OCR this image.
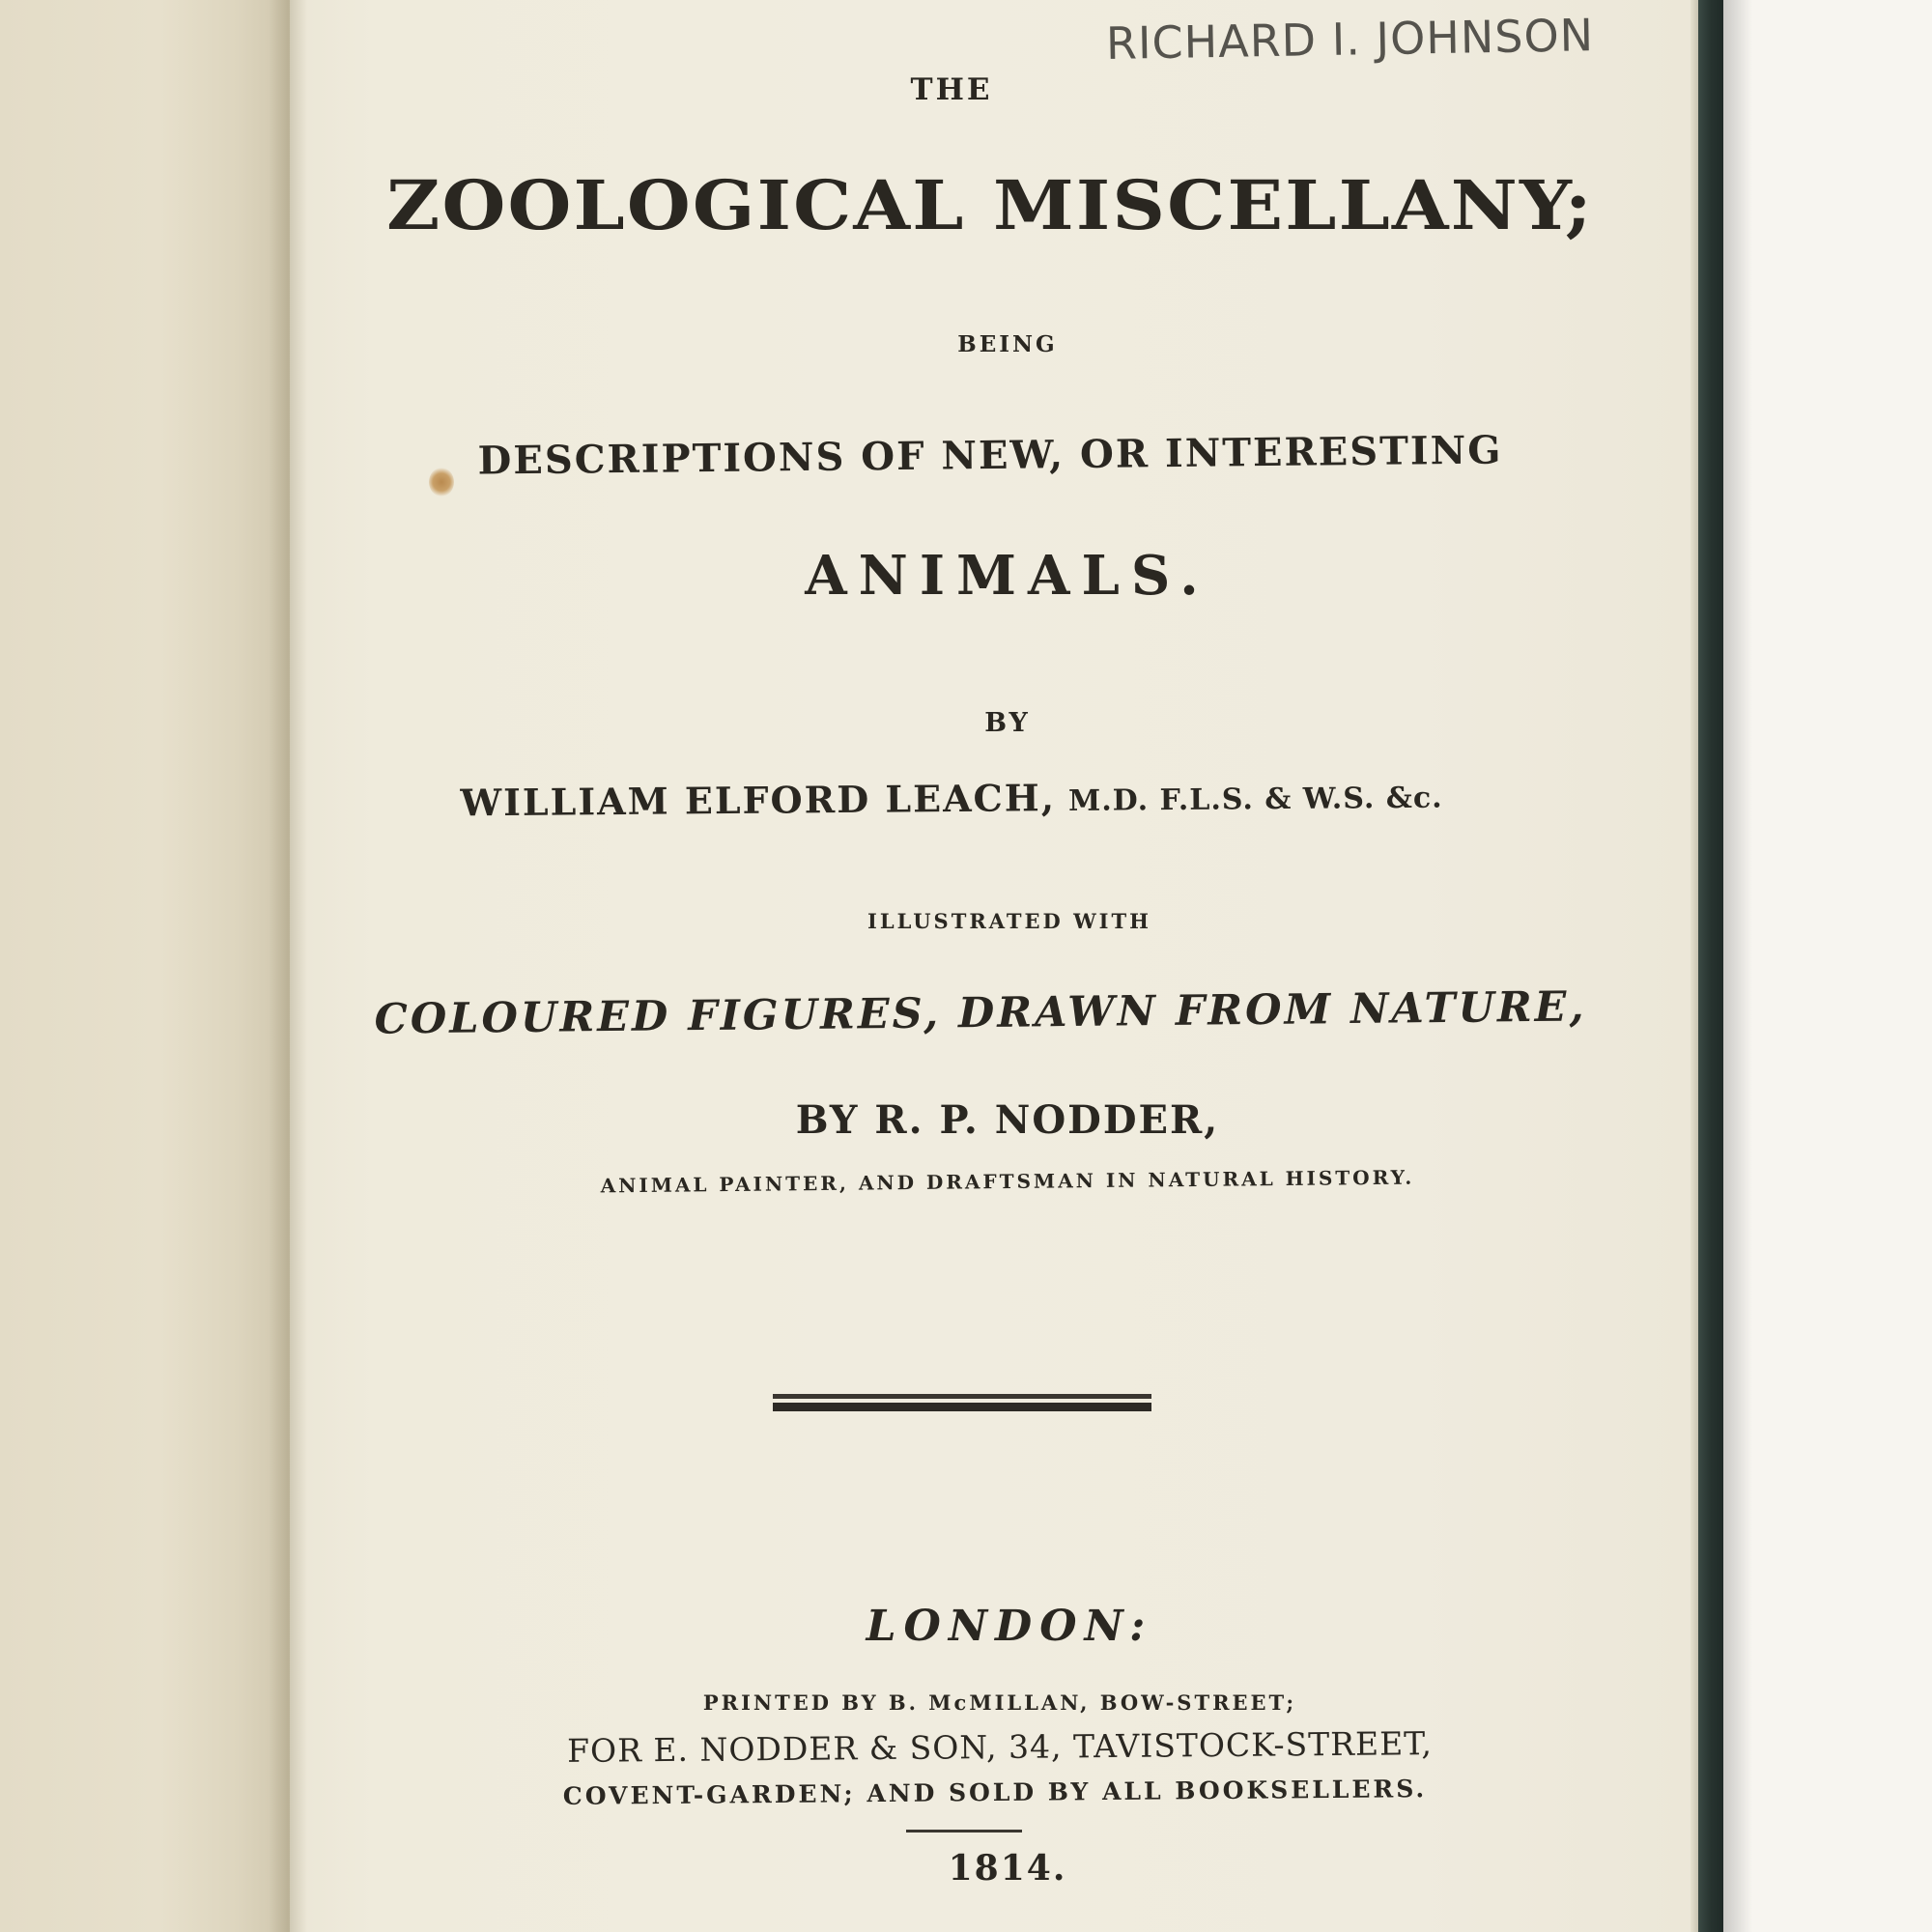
RICHARD I. JOHNSON
THE
ZOOLOGICAL MISCELLANY;
BEING
DESCRIPTIONS OF NEW, OR INTERESTING
ANIMALS.
BY
WILLIAM ELFORD LEACH, M.D. F.L.S. & W.S. &c.
ILLUSTRATED WITH
COLOURED FIGURES, DRAWN FROM NATURE,
BY R. P. NODDER,
ANIMAL PAINTER, AND DRAFTSMAN IN NATURAL HISTORY.
LONDON:
PRINTED BY B. McMILLAN, BOW-STREET;
FOR E. NODDER & SON, 34, TAVISTOCK-STREET,
COVENT-GARDEN; AND SOLD BY ALL BOOKSELLERS.
1814.
